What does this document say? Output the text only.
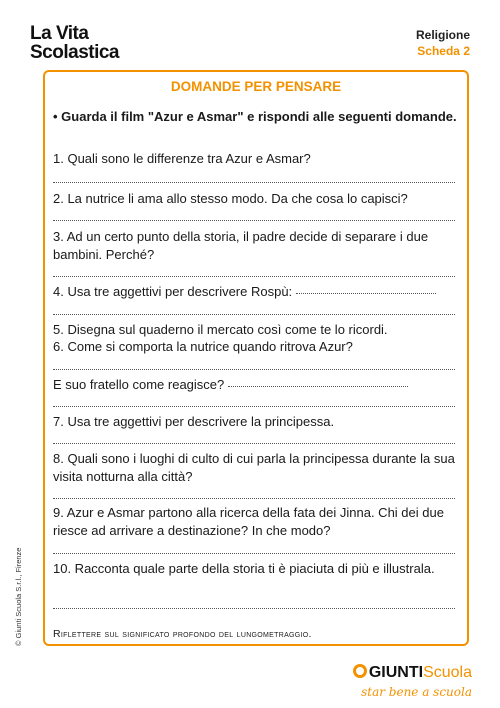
La Vita
Scolastica
Religione
Scheda 2
DOMANDE PER PENSARE
• Guarda il film "Azur e Asmar" e rispondi alle seguenti domande.
1. Quali sono le differenze tra Azur e Asmar?
2. La nutrice li ama allo stesso modo. Da che cosa lo capisci?
3. Ad un certo punto della storia, il padre decide di separare i due bambini. Perché?
4. Usa tre aggettivi per descrivere Rospù:
5. Disegna sul quaderno il mercato così come te lo ricordi.
6. Come si comporta la nutrice quando ritrova Azur?
E suo fratello come reagisce?
7. Usa tre aggettivi per descrivere la principessa.
8. Quali sono i luoghi di culto di cui parla la principessa durante la sua visita notturna alla città?
9. Azur e Asmar partono alla ricerca della fata dei Jinna. Chi dei due riesce ad arrivare a destinazione? In che modo?
10. Racconta quale parte della storia ti è piaciuta di più e illustrala.
Riflettere sul significato profondo del lungometraggio.
© Giunti Scuola S.r.l., Firenze
GIUNTIScuola
star bene a scuola
